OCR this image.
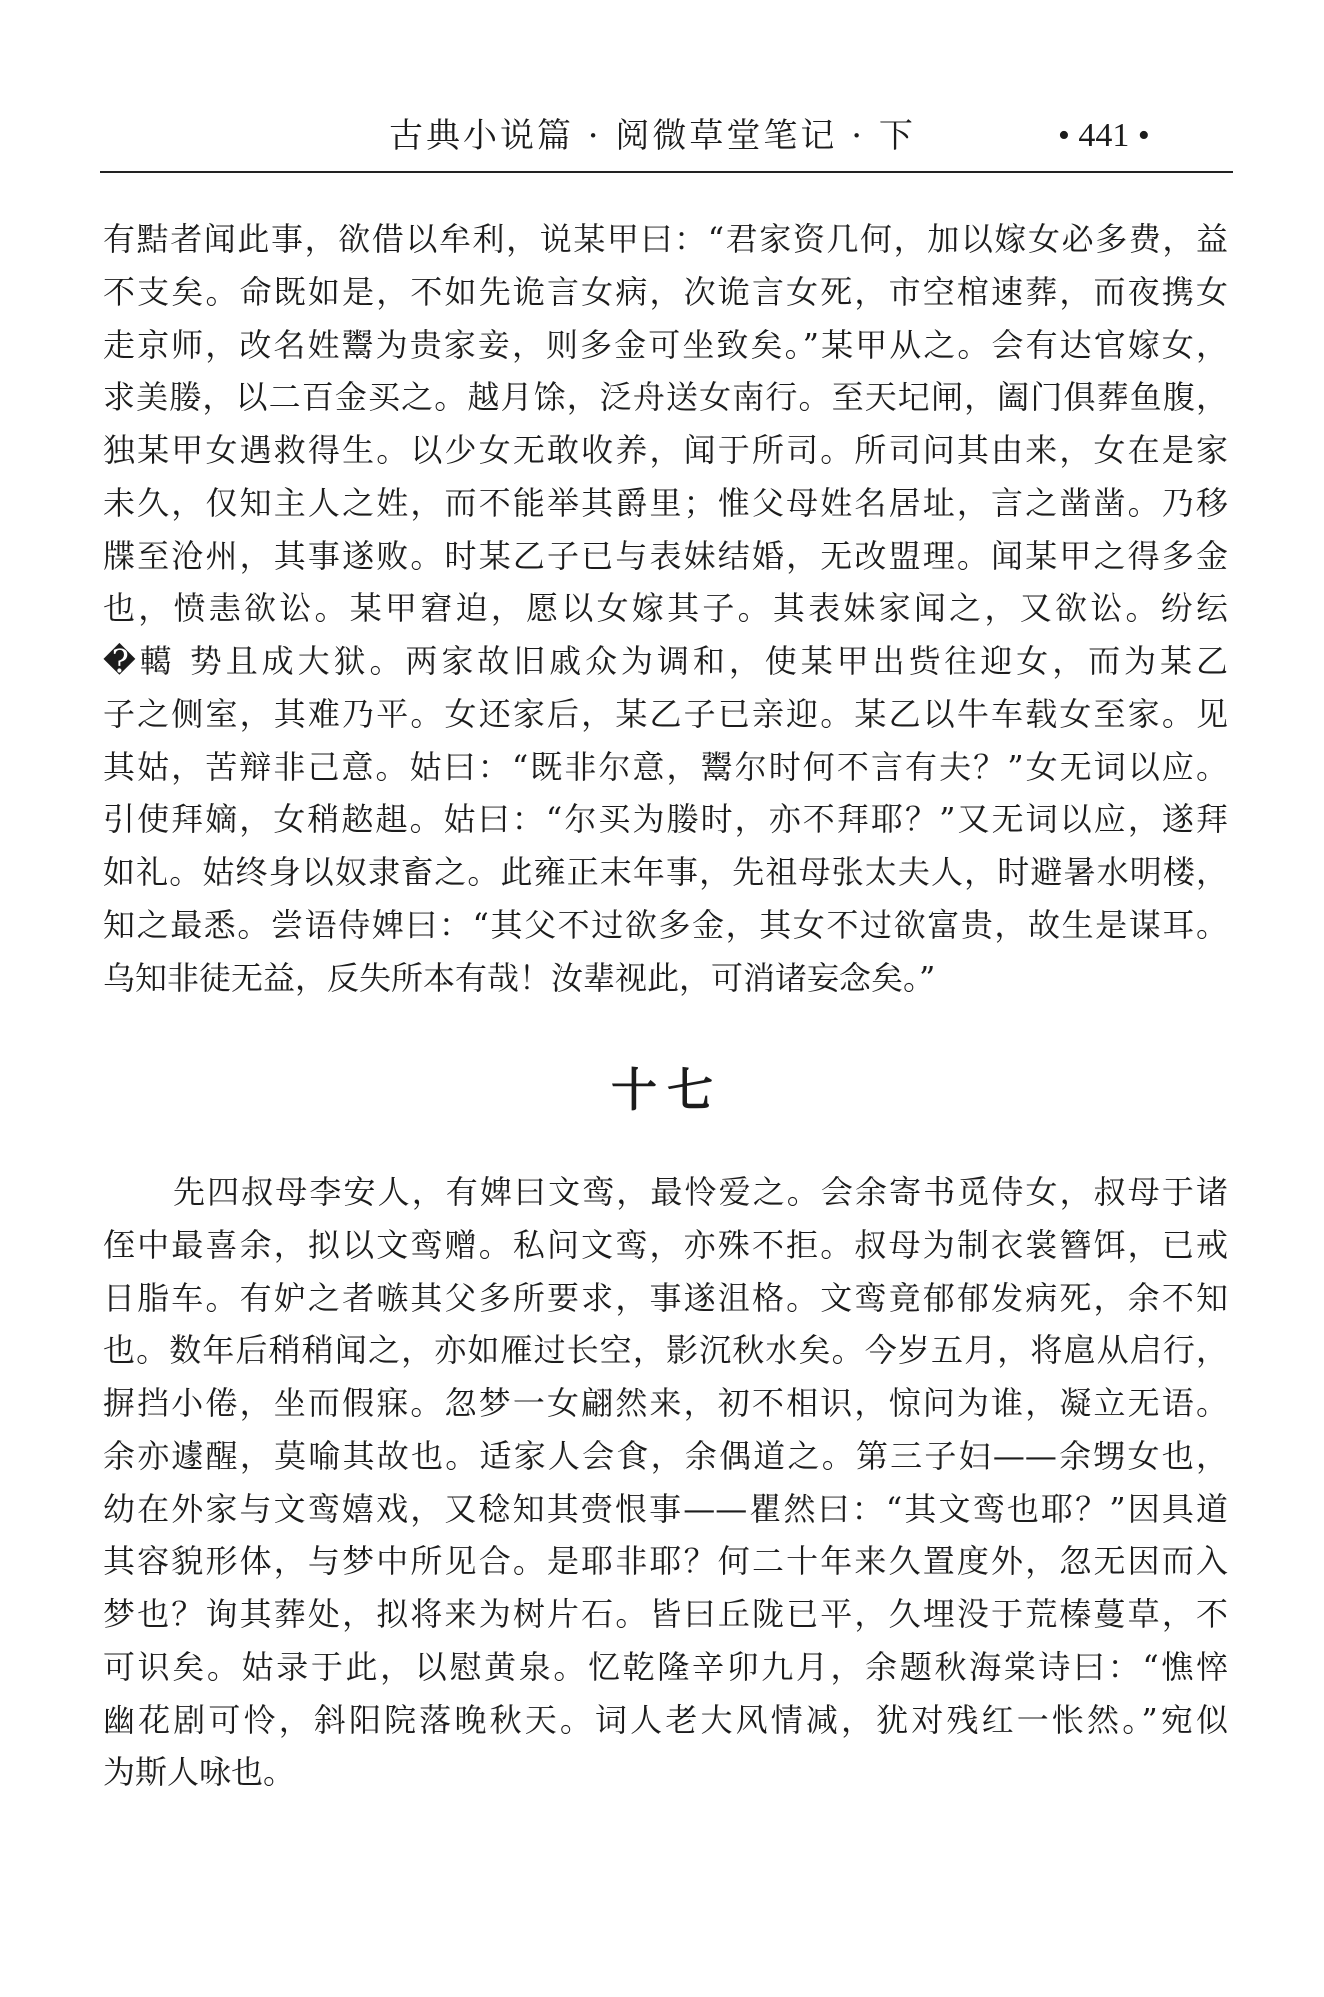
古典小说篇 · 阅微草堂笔记 · 下	• 441 •
有黠者闻此事，欲借以牟利，说某甲曰：“君家资几何，加以嫁女必多费，益
不支矣。命既如是，不如先诡言女病，次诡言女死，市空棺速葬，而夜携女
走京师，改名姓鬻为贵家妾，则多金可坐致矣。”某甲从之。会有达官嫁女，
求美媵，以二百金买之。越月馀，泛舟送女南行。至天圮闸，阖门俱葬鱼腹，
独某甲女遇救得生。以少女无敢收养，闻于所司。所司问其由来，女在是家
未久，仅知主人之姓，而不能举其爵里；惟父母姓名居址，言之凿凿。乃移
牒至沧州，其事遂败。时某乙子已与表妹结婚，无改盟理。闻某甲之得多金
也，愤恚欲讼。某甲窘迫，愿以女嫁其子。其表妹家闻之，又欲讼。纷纭
�轕 势且成大狱。两家故旧戚众为调和，使某甲出赀往迎女，而为某乙
子之侧室，其难乃平。女还家后，某乙子已亲迎。某乙以牛车载女至家。见
其姑，苦辩非己意。姑曰：“既非尔意，鬻尔时何不言有夫？”女无词以应。
引使拜嫡，女稍趑趄。姑曰：“尔买为媵时，亦不拜耶？”又无词以应，遂拜
如礼。姑终身以奴隶畜之。此雍正末年事，先祖母张太夫人，时避暑水明楼，
知之最悉。尝语侍婢曰：“其父不过欲多金，其女不过欲富贵，故生是谋耳。
乌知非徒无益，反失所本有哉！汝辈视此，可消诸妄念矣。”
十七
先四叔母李安人，有婢曰文鸾，最怜爱之。会余寄书觅侍女，叔母于诸
侄中最喜余，拟以文鸾赠。私问文鸾，亦殊不拒。叔母为制衣裳簪饵，已戒
日脂车。有妒之者嗾其父多所要求，事遂沮格。文鸾竟郁郁发病死，余不知
也。数年后稍稍闻之，亦如雁过长空，影沉秋水矣。今岁五月，将扈从启行，
摒挡小倦，坐而假寐。忽梦一女翩然来，初不相识，惊问为谁，凝立无语。
余亦遽醒，莫喻其故也。适家人会食，余偶道之。第三子妇——余甥女也，
幼在外家与文鸾嬉戏，又稔知其赍恨事——瞿然曰：“其文鸾也耶？”因具道
其容貌形体，与梦中所见合。是耶非耶？何二十年来久置度外，忽无因而入
梦也？询其葬处，拟将来为树片石。皆曰丘陇已平，久埋没于荒榛蔓草，不
可识矣。姑录于此，以慰黄泉。忆乾隆辛卯九月，余题秋海棠诗曰：“憔悴
幽花剧可怜，斜阳院落晚秋天。词人老大风情减，犹对残红一怅然。”宛似
为斯人咏也。
